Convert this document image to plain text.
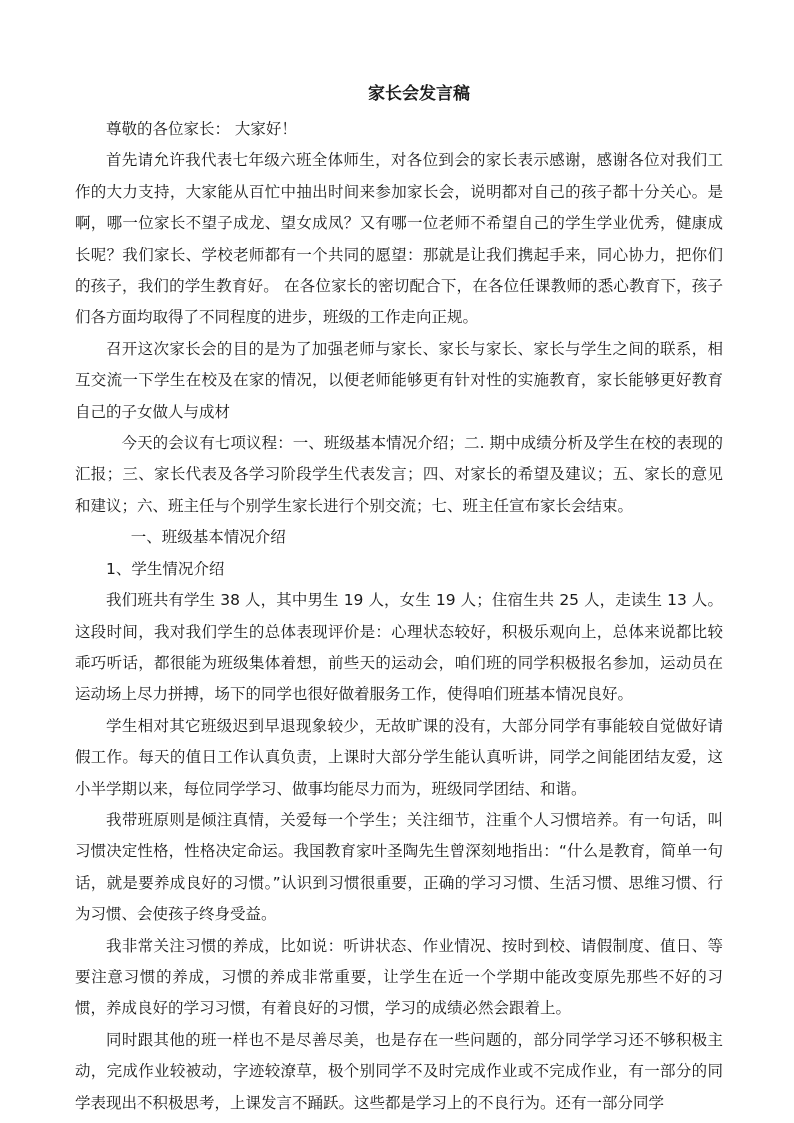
家长会发言稿

尊敬的各位家长： 大家好！

首先请允许我代表七年级六班全体师生，对各位到会的家长表示感谢，感谢各位对我们工作的大力支持，大家能从百忙中抽出时间来参加家长会，说明都对自己的孩子都十分关心。是啊，哪一位家长不望子成龙、望女成凤？又有哪一位老师不希望自己的学生学业优秀，健康成长呢？我们家长、学校老师都有一个共同的愿望：那就是让我们携起手来，同心协力，把你们的孩子，我们的学生教育好。 在各位家长的密切配合下，在各位任课教师的悉心教育下，孩子们各方面均取得了不同程度的进步，班级的工作走向正规。

召开这次家长会的目的是为了加强老师与家长、家长与家长、家长与学生之间的联系，相互交流一下学生在校及在家的情况，以便老师能够更有针对性的实施教育，家长能够更好教育自己的子女做人与成材

今天的会议有七项议程：一、班级基本情况介绍；二. 期中成绩分析及学生在校的表现的汇报；三、家长代表及各学习阶段学生代表发言；四、对家长的希望及建议；五、家长的意见和建议；六、班主任与个别学生家长进行个别交流；七、班主任宣布家长会结束。

一、班级基本情况介绍

1、学生情况介绍

我们班共有学生 38 人，其中男生 19 人，女生 19 人；住宿生共 25 人，走读生 13 人。这段时间，我对我们学生的总体表现评价是：心理状态较好，积极乐观向上，总体来说都比较乖巧听话，都很能为班级集体着想，前些天的运动会，咱们班的同学积极报名参加，运动员在运动场上尽力拼搏，场下的同学也很好做着服务工作，使得咱们班基本情况良好。

学生相对其它班级迟到早退现象较少，无故旷课的没有，大部分同学有事能较自觉做好请假工作。每天的值日工作认真负责，上课时大部分学生能认真听讲，同学之间能团结友爱，这小半学期以来，每位同学学习、做事均能尽力而为，班级同学团结、和谐。

我带班原则是倾注真情，关爱每一个学生；关注细节，注重个人习惯培养。有一句话，叫习惯决定性格，性格决定命运。我国教育家叶圣陶先生曾深刻地指出：“什么是教育，简单一句话，就是要养成良好的习惯。”认识到习惯很重要，正确的学习习惯、生活习惯、思维习惯、行为习惯、会使孩子终身受益。

我非常关注习惯的养成，比如说：听讲状态、作业情况、按时到校、请假制度、值日、等要注意习惯的养成，习惯的养成非常重要，让学生在近一个学期中能改变原先那些不好的习惯，养成良好的学习习惯，有着良好的习惯，学习的成绩必然会跟着上。

同时跟其他的班一样也不是尽善尽美，也是存在一些问题的，部分同学学习还不够积极主动，完成作业较被动，字迹较潦草，极个别同学不及时完成作业或不完成作业，有一部分的同学表现出不积极思考，上课发言不踊跃。这些都是学习上的不良行为。还有一部分同学
